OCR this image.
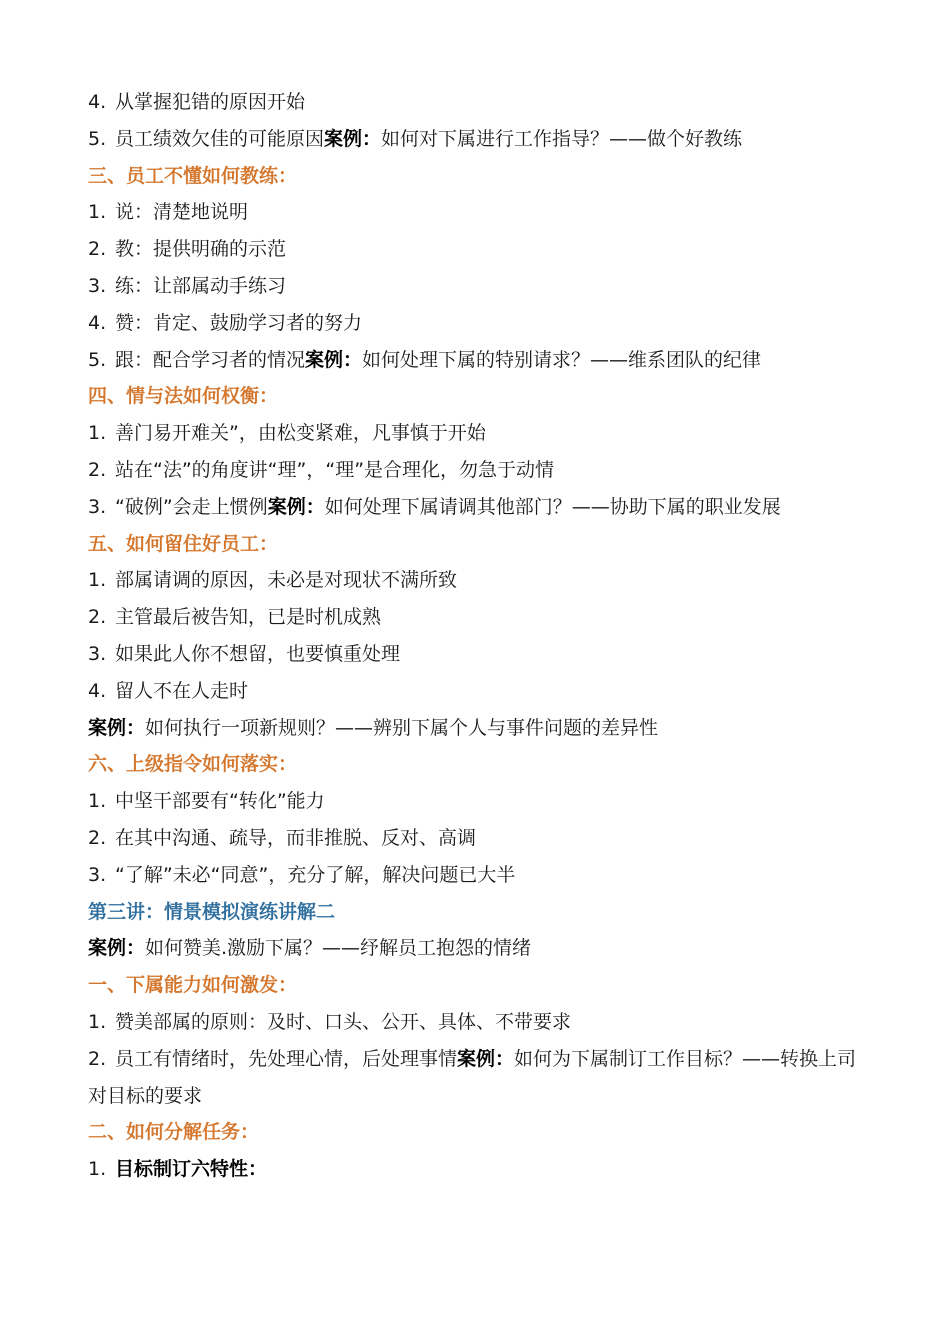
4. 从掌握犯错的原因开始

5. 员工绩效欠佳的可能原因案例：如何对下属进行工作指导？——做个好教练

三、员工不懂如何教练：

1. 说：清楚地说明

2. 教：提供明确的示范

3. 练：让部属动手练习

4. 赞：肯定、鼓励学习者的努力

5. 跟：配合学习者的情况案例：如何处理下属的特别请求？——维系团队的纪律

四、情与法如何权衡：

1. 善门易开难关”，由松变紧难，凡事慎于开始

2. 站在“法”的角度讲“理”，“理”是合理化，勿急于动情

3. “破例”会走上惯例案例：如何处理下属请调其他部门？——协助下属的职业发展

五、如何留住好员工：

1. 部属请调的原因，未必是对现状不满所致

2. 主管最后被告知，已是时机成熟

3. 如果此人你不想留，也要慎重处理

4. 留人不在人走时

案例：如何执行一项新规则？——辨别下属个人与事件问题的差异性

六、上级指令如何落实：

1. 中坚干部要有“转化”能力

2. 在其中沟通、疏导，而非推脱、反对、高调

3. “了解”未必“同意”，充分了解，解决问题已大半

第三讲：情景模拟演练讲解二

案例：如何赞美.激励下属？——纾解员工抱怨的情绪

一、下属能力如何激发：

1. 赞美部属的原则：及时、口头、公开、具体、不带要求

2. 员工有情绪时，先处理心情，后处理事情案例：如何为下属制订工作目标？——转换上司对目标的要求

二、如何分解任务：

1. 目标制订六特性：
